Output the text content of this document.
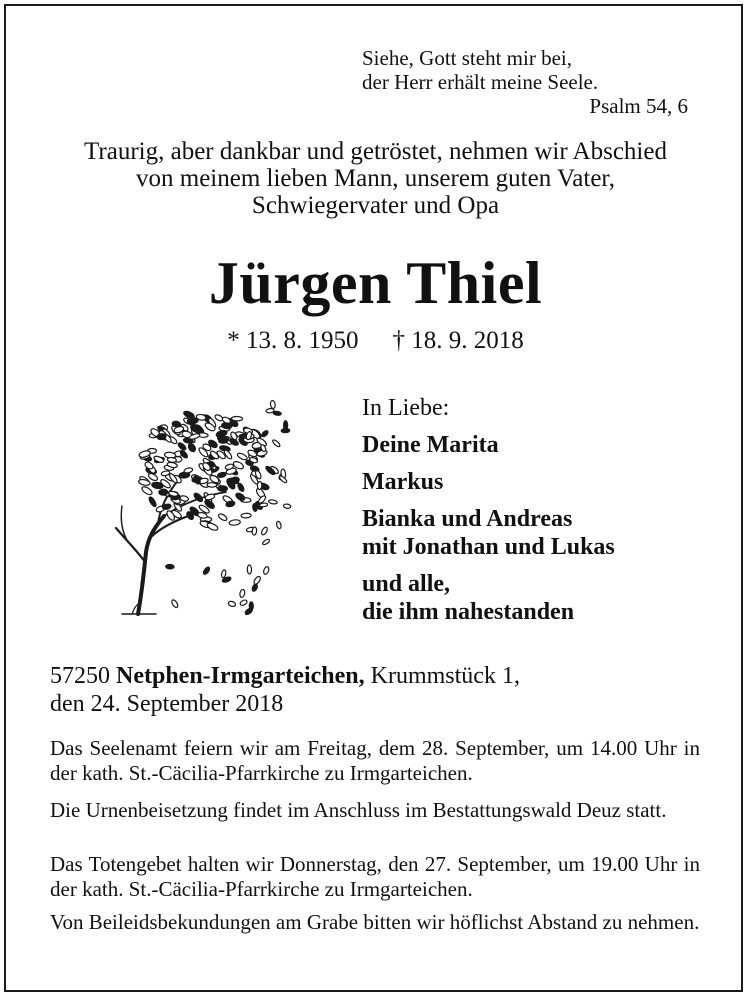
Siehe, Gott steht mir bei,
der Herr erhält meine Seele.
Psalm 54, 6
Traurig, aber dankbar und getröstet, nehmen wir Abschied
von meinem lieben Mann, unserem guten Vater,
Schwiegervater und Opa
Jürgen Thiel
* 13. 8. 1950 † 18. 9. 2018
In Liebe:
Deine Marita
Markus
Bianka und Andreas
mit Jonathan und Lukas
und alle,
die ihm nahestanden
57250 Netphen-Irmgarteichen, Krummstück 1,
den 24. September 2018
Das Seelenamt feiern wir am Freitag, dem 28. September, um 14.00 Uhr in der kath. St.-Cäcilia-Pfarrkirche zu Irmgarteichen.
Die Urnenbeisetzung findet im Anschluss im Bestattungswald Deuz statt.
Das Totengebet halten wir Donnerstag, den 27. September, um 19.00 Uhr in der kath. St.-Cäcilia-Pfarrkirche zu Irmgarteichen.
Von Beileidsbekundungen am Grabe bitten wir höflichst Abstand zu nehmen.
